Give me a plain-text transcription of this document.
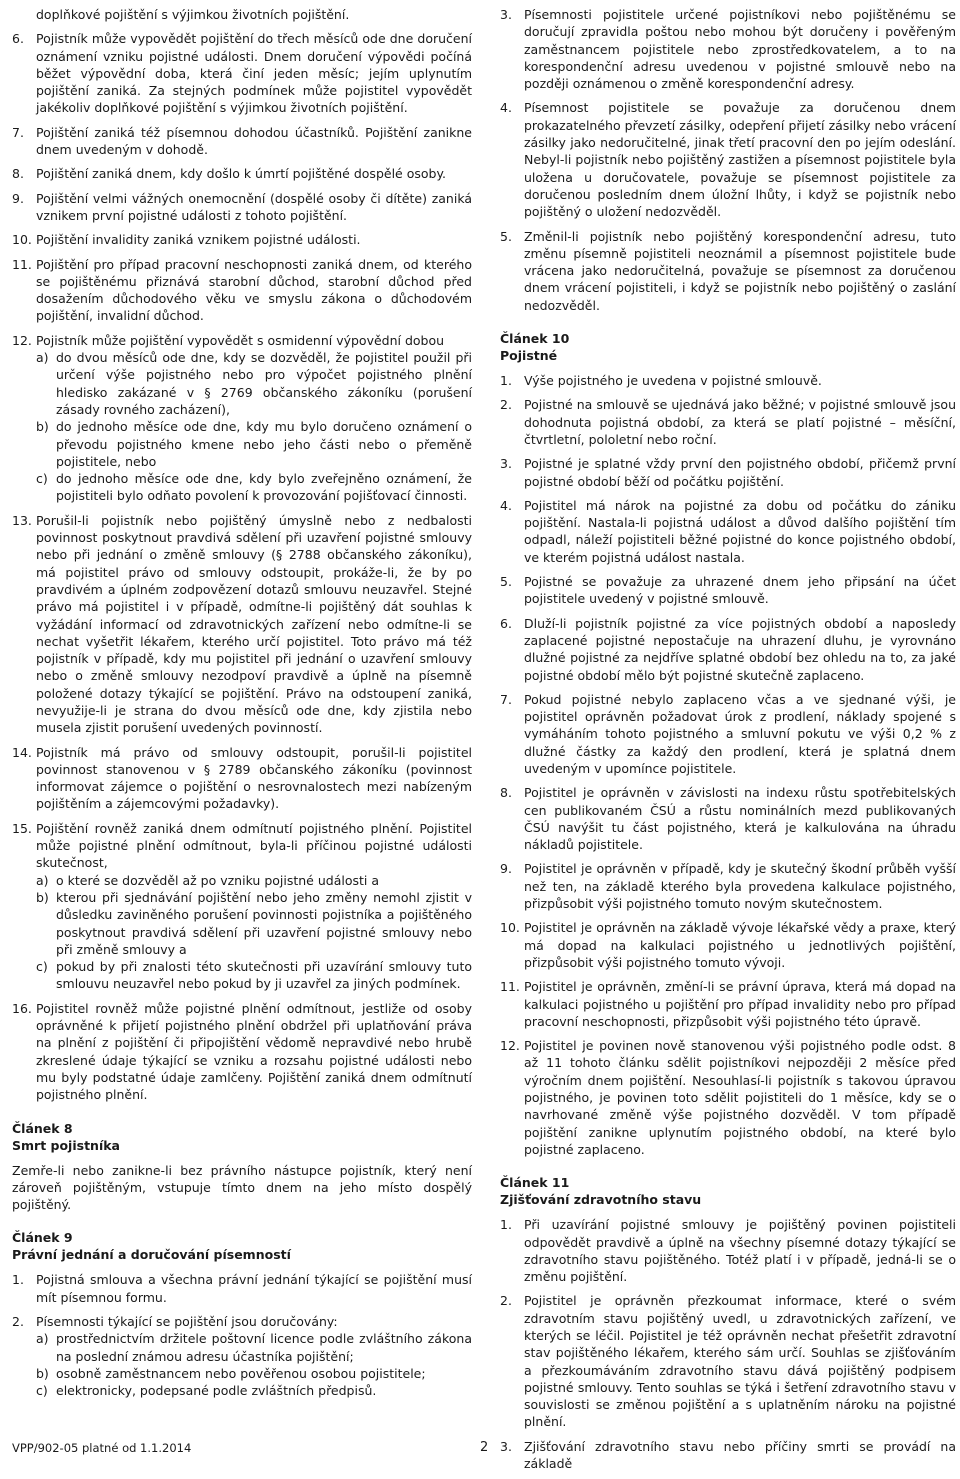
doplňkové pojištění s výjimkou životních pojištění.
6. Pojistník může vypovědět pojištění do třech měsíců ode dne doručení oznámení vzniku pojistné události. Dnem doručení výpovědi počíná běžet výpovědní doba, která činí jeden měsíc; jejím uplynutím pojištění zaniká. Za stejných podmínek může pojistitel vypovědět jakékoliv doplňkové pojištění s výjimkou životních pojištění.
7. Pojištění zaniká též písemnou dohodou účastníků. Pojištění zanikne dnem uvedeným v dohodě.
8. Pojištění zaniká dnem, kdy došlo k úmrtí pojištěné dospělé osoby.
9. Pojištění velmi vážných onemocnění (dospělé osoby či dítěte) zaniká vznikem první pojistné události z tohoto pojištění.
10. Pojištění invalidity zaniká vznikem pojistné události.
11. Pojištění pro případ pracovní neschopnosti zaniká dnem, od kterého se pojištěnému přiznává starobní důchod, starobní důchod před dosažením důchodového věku ve smyslu zákona o důchodovém pojištění, invalidní důchod.
12. Pojistník může pojištění vypovědět s osmidenní výpovědní dobou
a) do dvou měsíců ode dne, kdy se dozvěděl, že pojistitel použil při určení výše pojistného nebo pro výpočet pojistného plnění hledisko zakázané v § 2769 občanského zákoníku (porušení zásady rovného zacházení),
b) do jednoho měsíce ode dne, kdy mu bylo doručeno oznámení o převodu pojistného kmene nebo jeho části nebo o přeměně pojistitele, nebo
c) do jednoho měsíce ode dne, kdy bylo zveřejněno oznámení, že pojistiteli bylo odňato povolení k provozování pojišťovací činnosti.
13. Porušil-li pojistník nebo pojištěný úmyslně nebo z nedbalosti povinnost poskytnout pravdivá sdělení při uzavření pojistné smlouvy nebo při jednání o změně smlouvy (§ 2788 občanského zákoníku), má pojistitel právo od smlouvy odstoupit, prokáže-li, že by po pravdivém a úplném zodpovězení dotazů smlouvu neuzavřel. Stejné právo má pojistitel i v případě, odmítne-li pojištěný dát souhlas k vyžádání informací od zdravotnických zařízení nebo odmítne-li se nechat vyšetřit lékařem, kterého určí pojistitel. Toto právo má též pojistník v případě, kdy mu pojistitel při jednání o uzavření smlouvy nebo o změně smlouvy nezodpoví pravdivě a úplně na písemně položené dotazy týkající se pojištění. Právo na odstoupení zaniká, nevyužije-li je strana do dvou měsíců ode dne, kdy zjistila nebo musela zjistit porušení uvedených povinností.
14. Pojistník má právo od smlouvy odstoupit, porušil-li pojistitel povinnost stanovenou v § 2789 občanského zákoníku (povinnost informovat zájemce o pojištění o nesrovnalostech mezi nabízeným pojištěním a zájemcovými požadavky).
15. Pojištění rovněž zaniká dnem odmítnutí pojistného plnění. Pojistitel může pojistné plnění odmítnout, byla-li příčinou pojistné události skutečnost,
a) o které se dozvěděl až po vzniku pojistné události a
b) kterou při sjednávání pojištění nebo jeho změny nemohl zjistit v důsledku zaviněného porušení povinnosti pojistníka a pojištěného poskytnout pravdivá sdělení při uzavření pojistné smlouvy nebo při změně smlouvy a
c) pokud by při znalosti této skutečnosti při uzavírání smlouvy tuto smlouvu neuzavřel nebo pokud by ji uzavřel za jiných podmínek.
16. Pojistitel rovněž může pojistné plnění odmítnout, jestliže od osoby oprávněné k přijetí pojistného plnění obdržel při uplatňování práva na plnění z pojištění či připojištění vědomě nepravdivé nebo hrubě zkreslené údaje týkající se vzniku a rozsahu pojistné události nebo mu byly podstatné údaje zamlčeny. Pojištění zaniká dnem odmítnutí pojistného plnění.
Článek 8
Smrt pojistníka
Zemře-li nebo zanikne-li bez právního nástupce pojistník, který není zároveň pojištěným, vstupuje tímto dnem na jeho místo dospělý pojištěný.
Článek 9
Právní jednání a doručování písemností
1. Pojistná smlouva a všechna právní jednání týkající se pojištění musí mít písemnou formu.
2. Písemnosti týkající se pojištění jsou doručovány:
a) prostřednictvím držitele poštovní licence podle zvláštního zákona na poslední známou adresu účastníka pojištění;
b) osobně zaměstnancem nebo pověřenou osobou pojistitele;
c) elektronicky, podepsané podle zvláštních předpisů.
3. Písemnosti pojistitele určené pojistníkovi nebo pojištěnému se doručují zpravidla poštou nebo mohou být doručeny i pověřeným zaměstnancem pojistitele nebo zprostředkovatelem, a to na korespondenční adresu uvedenou v pojistné smlouvě nebo na později oznámenou o změně korespondenční adresy.
4. Písemnost pojistitele se považuje za doručenou dnem prokazatelného převzetí zásilky, odepření přijetí zásilky nebo vrácení zásilky jako nedoručitelné, jinak třetí pracovní den po jejím odeslání. Nebyl-li pojistník nebo pojištěný zastižen a písemnost pojistitele byla uložena u doručovatele, považuje se písemnost pojistitele za doručenou posledním dnem úložní lhůty, i když se pojistník nebo pojištěný o uložení nedozvěděl.
5. Změnil-li pojistník nebo pojištěný korespondenční adresu, tuto změnu písemně pojistiteli neoznámil a písemnost pojistitele bude vrácena jako nedoručitelná, považuje se písemnost za doručenou dnem vrácení pojistiteli, i když se pojistník nebo pojištěný o zaslání nedozvěděl.
Článek 10
Pojistné
1. Výše pojistného je uvedena v pojistné smlouvě.
2. Pojistné na smlouvě se ujednává jako běžné; v pojistné smlouvě jsou dohodnuta pojistná období, za která se platí pojistné – měsíční, čtvrtletní, pololetní nebo roční.
3. Pojistné je splatné vždy první den pojistného období, přičemž první pojistné období běží od počátku pojištění.
4. Pojistitel má nárok na pojistné za dobu od počátku do zániku pojištění. Nastala-li pojistná událost a důvod dalšího pojištění tím odpadl, náleží pojistiteli běžné pojistné do konce pojistného období, ve kterém pojistná událost nastala.
5. Pojistné se považuje za uhrazené dnem jeho připsání na účet pojistitele uvedený v pojistné smlouvě.
6. Dluží-li pojistník pojistné za více pojistných období a naposledy zaplacené pojistné nepostačuje na uhrazení dluhu, je vyrovnáno dlužné pojistné za nejdříve splatné období bez ohledu na to, za jaké pojistné období mělo být pojistné skutečně zaplaceno.
7. Pokud pojistné nebylo zaplaceno včas a ve sjednané výši, je pojistitel oprávněn požadovat úrok z prodlení, náklady spojené s vymáháním tohoto pojistného a smluvní pokutu ve výši 0,2 % z dlužné částky za každý den prodlení, která je splatná dnem uvedeným v upomínce pojistitele.
8. Pojistitel je oprávněn v závislosti na indexu růstu spotřebitelských cen publikovaném ČSÚ a růstu nominálních mezd publikovaných ČSÚ navýšit tu část pojistného, která je kalkulována na úhradu nákladů pojistitele.
9. Pojistitel je oprávněn v případě, kdy je skutečný škodní průběh vyšší než ten, na základě kterého byla provedena kalkulace pojistného, přizpůsobit výši pojistného tomuto novým skutečnostem.
10. Pojistitel je oprávněn na základě vývoje lékařské vědy a praxe, který má dopad na kalkulaci pojistného u jednotlivých pojištění, přizpůsobit výši pojistného tomuto vývoji.
11. Pojistitel je oprávněn, změní-li se právní úprava, která má dopad na kalkulaci pojistného u pojištění pro případ invalidity nebo pro případ pracovní neschopnosti, přizpůsobit výši pojistného této úpravě.
12. Pojistitel je povinen nově stanovenou výši pojistného podle odst. 8 až 11 tohoto článku sdělit pojistníkovi nejpozději 2 měsíce před výročním dnem pojištění. Nesouhlasí-li pojistník s takovou úpravou pojistného, je povinen toto sdělit pojistiteli do 1 měsíce, kdy se o navrhované změně výše pojistného dozvěděl. V tom případě pojištění zanikne uplynutím pojistného období, na které bylo pojistné zaplaceno.
Článek 11
Zjišťování zdravotního stavu
1. Při uzavírání pojistné smlouvy je pojištěný povinen pojistiteli odpovědět pravdivě a úplně na všechny písemné dotazy týkající se zdravotního stavu pojištěného. Totéž platí i v případě, jedná-li se o změnu pojištění.
2. Pojistitel je oprávněn přezkoumat informace, které o svém zdravotním stavu pojištěný uvedl, u zdravotnických zařízení, ve kterých se léčil. Pojistitel je též oprávněn nechat přešetřit zdravotní stav pojištěného lékařem, kterého sám určí. Souhlas se zjišťováním a přezkoumáváním zdravotního stavu dává pojištěný podpisem pojistné smlouvy. Tento souhlas se týká i šetření zdravotního stavu v souvislosti se změnou pojištění a s uplatněním nároku na pojistné plnění.
3. Zjišťování zdravotního stavu nebo příčiny smrti se provádí na základě
VPP/902-05 platné od 1.1.2014	2
